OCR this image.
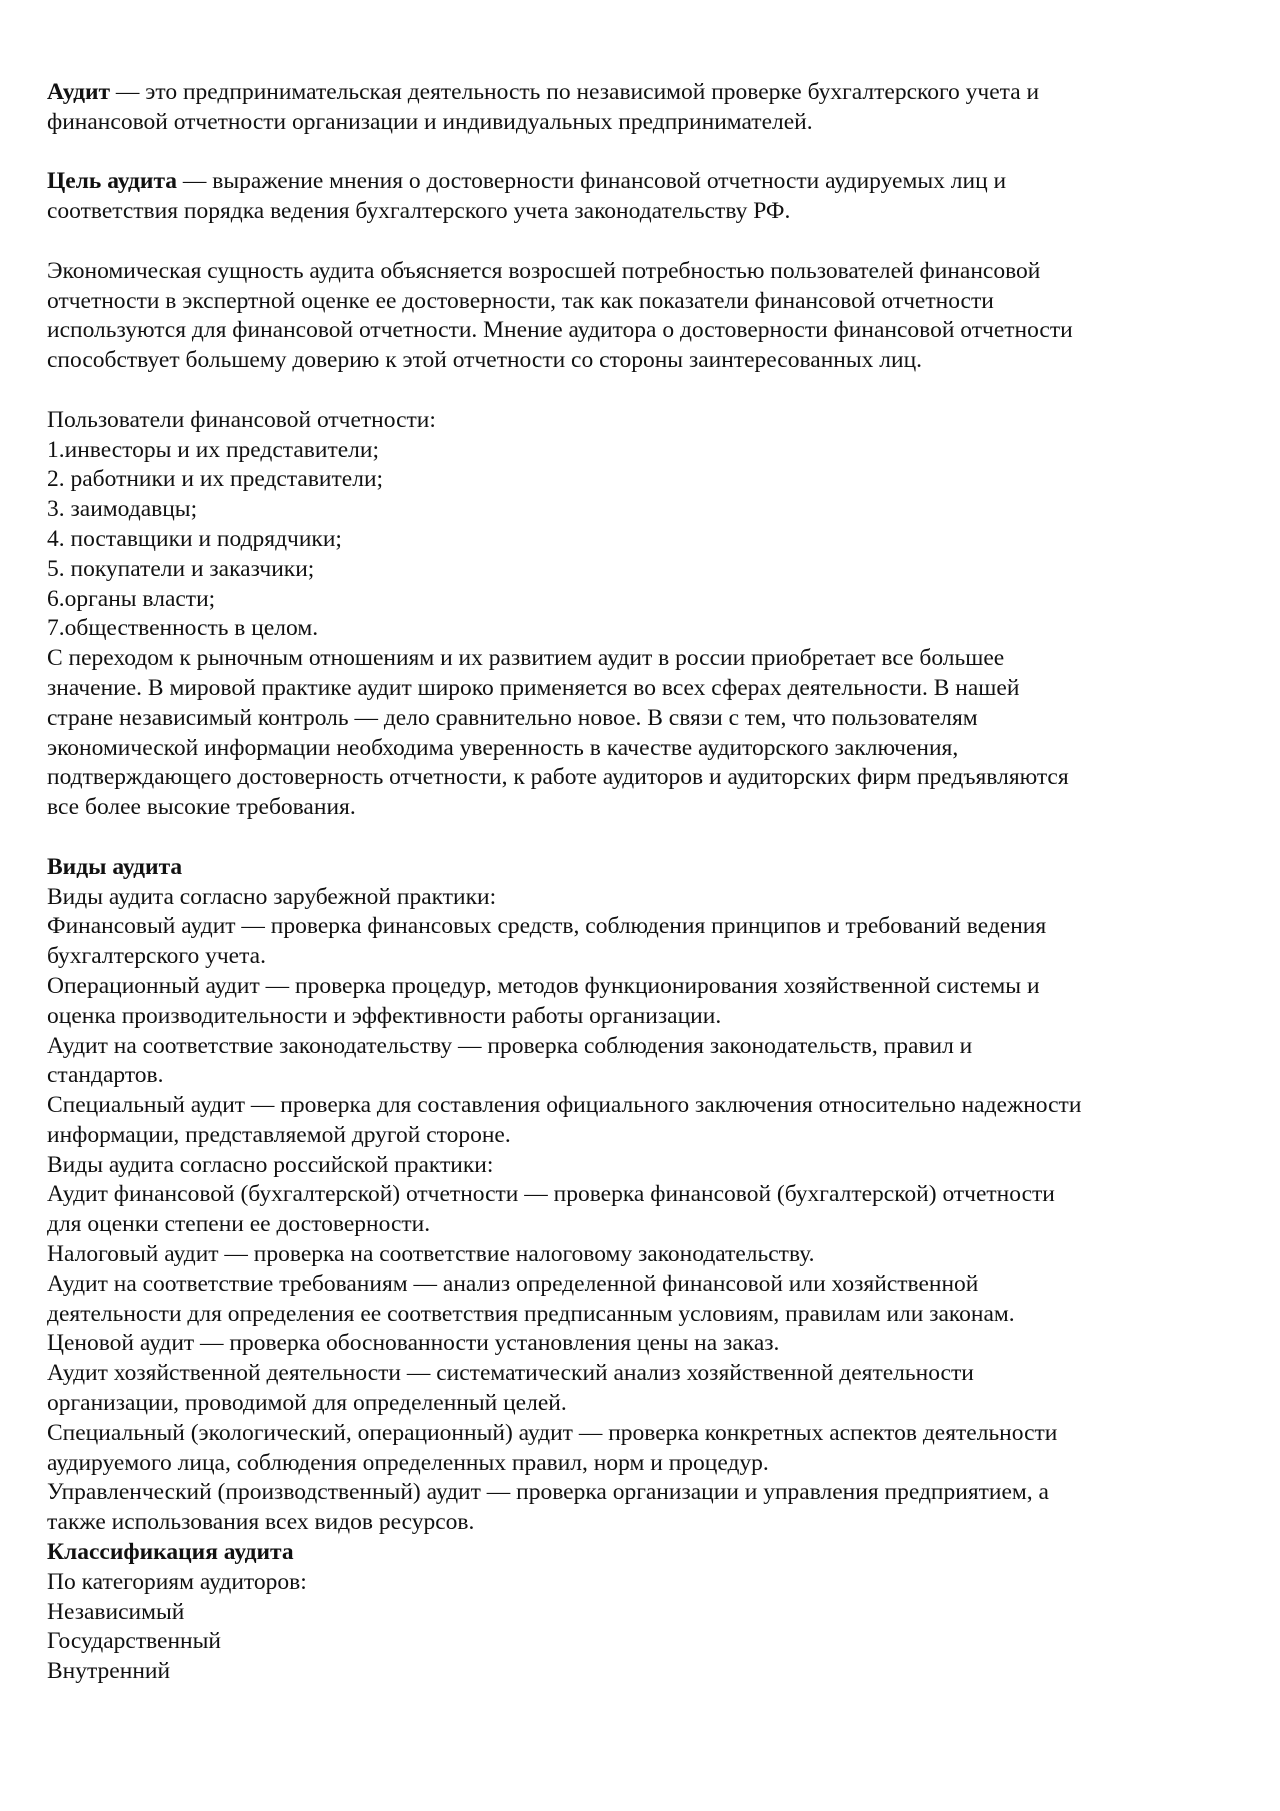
Аудит — это предпринимательская деятельность по независимой проверке бухгалтерского учета и
финансовой отчетности организации и индивидуальных предпринимателей.
Цель аудита — выражение мнения о достоверности финансовой отчетности аудируемых лиц и
соответствия порядка ведения бухгалтерского учета законодательству РФ.
Экономическая сущность аудита объясняется возросшей потребностью пользователей финансовой
отчетности в экспертной оценке ее достоверности, так как показатели финансовой отчетности
используются для финансовой отчетности. Мнение аудитора о достоверности финансовой отчетности
способствует большему доверию к этой отчетности со стороны заинтересованных лиц.
Пользователи финансовой отчетности:
1.инвесторы и их представители;
2. работники и их представители;
3. заимодавцы;
4. поставщики и подрядчики;
5. покупатели и заказчики;
6.органы власти;
7.общественность в целом.
С переходом к рыночным отношениям и их развитием аудит в россии приобретает все большее
значение. В мировой практике аудит широко применяется во всех сферах деятельности. В нашей
стране независимый контроль — дело сравнительно новое. В связи с тем, что пользователям
экономической информации необходима уверенность в качестве аудиторского заключения,
подтверждающего достоверность отчетности, к работе аудиторов и аудиторских фирм предъявляются
все более высокие требования.
Виды аудита
Виды аудита согласно зарубежной практики:
Финансовый аудит — проверка финансовых средств, соблюдения принципов и требований ведения
бухгалтерского учета.
Операционный аудит — проверка процедур, методов функционирования хозяйственной системы и
оценка производительности и эффективности работы организации.
Аудит на соответствие законодательству — проверка соблюдения законодательств, правил и
стандартов.
Специальный аудит — проверка для составления официального заключения относительно надежности
информации, представляемой другой стороне.
Виды аудита согласно российской практики:
Аудит финансовой (бухгалтерской) отчетности — проверка финансовой (бухгалтерской) отчетности
для оценки степени ее достоверности.
Налоговый аудит — проверка на соответствие налоговому законодательству.
Аудит на соответствие требованиям — анализ определенной финансовой или хозяйственной
деятельности для определения ее соответствия предписанным условиям, правилам или законам.
Ценовой аудит — проверка обоснованности установления цены на заказ.
Аудит хозяйственной деятельности — систематический анализ хозяйственной деятельности
организации, проводимой для определенный целей.
Специальный (экологический, операционный) аудит — проверка конкретных аспектов деятельности
аудируемого лица, соблюдения определенных правил, норм и процедур.
Управленческий (производственный) аудит — проверка организации и управления предприятием, а
также использования всех видов ресурсов.
Классификация аудита
По категориям аудиторов:
Независимый
Государственный
Внутренний
